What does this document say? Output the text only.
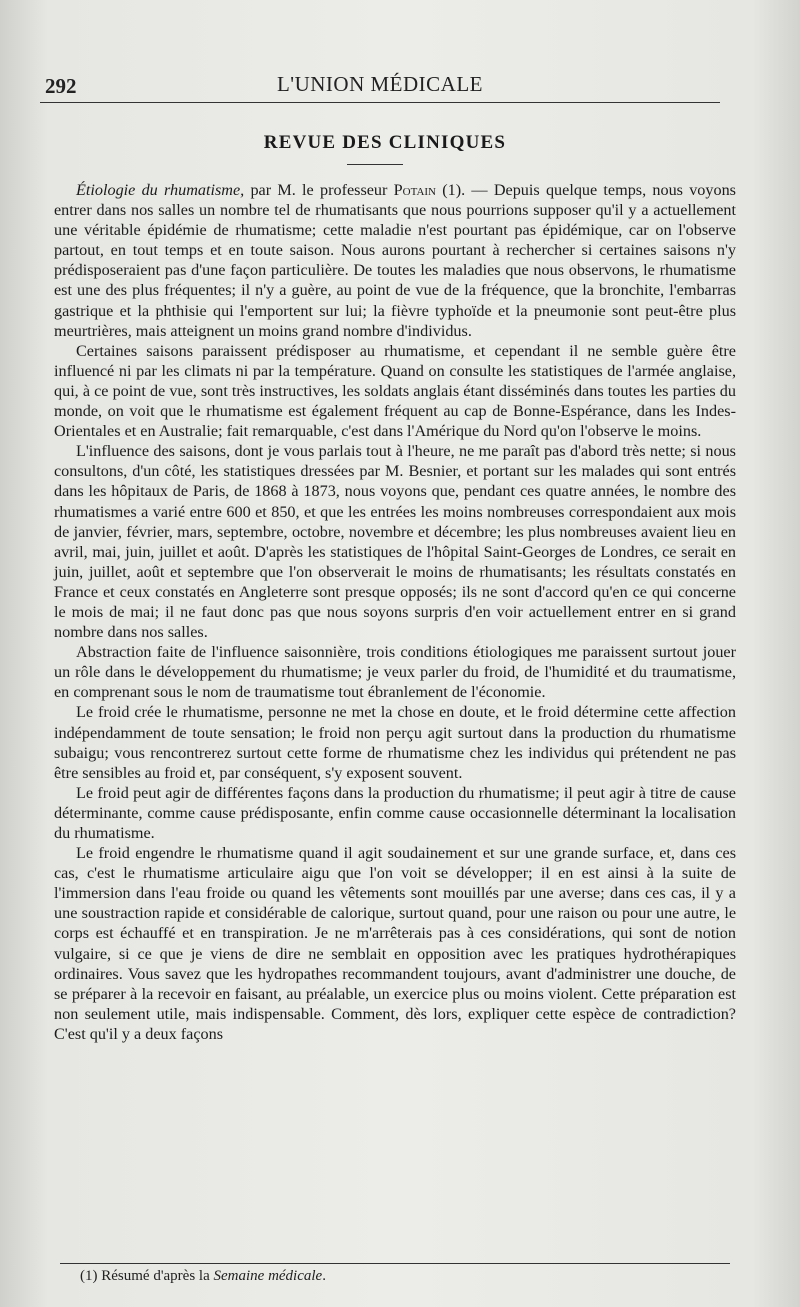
292	L'UNION MÉDICALE
REVUE DES CLINIQUES

Étiologie du rhumatisme, par M. le professeur Potain (1). — Depuis quelque temps, nous voyons entrer dans nos salles un nombre tel de rhumatisants que nous pourrions supposer qu'il y a actuellement une véritable épidémie de rhumatisme; cette maladie n'est pourtant pas épidémique, car on l'observe partout, en tout temps et en toute saison. Nous aurons pourtant à rechercher si certaines saisons n'y prédisposeraient pas d'une façon particulière. De toutes les maladies que nous observons, le rhumatisme est une des plus fréquentes; il n'y a guère, au point de vue de la fréquence, que la bronchite, l'embarras gastrique et la phthisie qui l'emportent sur lui; la fièvre typhoïde et la pneumonie sont peut-être plus meurtrières, mais atteignent un moins grand nombre d'individus.

Certaines saisons paraissent prédisposer au rhumatisme, et cependant il ne semble guère être influencé ni par les climats ni par la température. Quand on consulte les statistiques de l'armée anglaise, qui, à ce point de vue, sont très instructives, les soldats anglais étant disséminés dans toutes les parties du monde, on voit que le rhumatisme est également fréquent au cap de Bonne-Espérance, dans les Indes-Orientales et en Australie; fait remarquable, c'est dans l'Amérique du Nord qu'on l'observe le moins.

L'influence des saisons, dont je vous parlais tout à l'heure, ne me paraît pas d'abord très nette; si nous consultons, d'un côté, les statistiques dressées par M. Besnier, et portant sur les malades qui sont entrés dans les hôpitaux de Paris, de 1868 à 1873, nous voyons que, pendant ces quatre années, le nombre des rhumatismes a varié entre 600 et 850, et que les entrées les moins nombreuses correspondaient aux mois de janvier, février, mars, septembre, octobre, novembre et décembre; les plus nombreuses avaient lieu en avril, mai, juin, juillet et août. D'après les statistiques de l'hôpital Saint-Georges de Londres, ce serait en juin, juillet, août et septembre que l'on observerait le moins de rhumatisants; les résultats constatés en France et ceux constatés en Angleterre sont presque opposés; ils ne sont d'accord qu'en ce qui concerne le mois de mai; il ne faut donc pas que nous soyons surpris d'en voir actuellement entrer en si grand nombre dans nos salles.

Abstraction faite de l'influence saisonnière, trois conditions étiologiques me paraissent surtout jouer un rôle dans le développement du rhumatisme; je veux parler du froid, de l'humidité et du traumatisme, en comprenant sous le nom de traumatisme tout ébranlement de l'économie.

Le froid crée le rhumatisme, personne ne met la chose en doute, et le froid détermine cette affection indépendamment de toute sensation; le froid non perçu agit surtout dans la production du rhumatisme subaigu; vous rencontrerez surtout cette forme de rhumatisme chez les individus qui prétendent ne pas être sensibles au froid et, par conséquent, s'y exposent souvent.

Le froid peut agir de différentes façons dans la production du rhumatisme; il peut agir à titre de cause déterminante, comme cause prédisposante, enfin comme cause occasionnelle déterminant la localisation du rhumatisme.

Le froid engendre le rhumatisme quand il agit soudainement et sur une grande surface, et, dans ces cas, c'est le rhumatisme articulaire aigu que l'on voit se développer; il en est ainsi à la suite de l'immersion dans l'eau froide ou quand les vêtements sont mouillés par une averse; dans ces cas, il y a une soustraction rapide et considérable de calorique, surtout quand, pour une raison ou pour une autre, le corps est échauffé et en transpiration. Je ne m'arrêterais pas à ces considérations, qui sont de notion vulgaire, si ce que je viens de dire ne semblait en opposition avec les pratiques hydrothérapiques ordinaires. Vous savez que les hydropathes recommandent toujours, avant d'administrer une douche, de se préparer à la recevoir en faisant, au préalable, un exercice plus ou moins violent. Cette préparation est non seulement utile, mais indispensable. Comment, dès lors, expliquer cette espèce de contradiction? C'est qu'il y a deux façons

(1) Résumé d'après la Semaine médicale.
